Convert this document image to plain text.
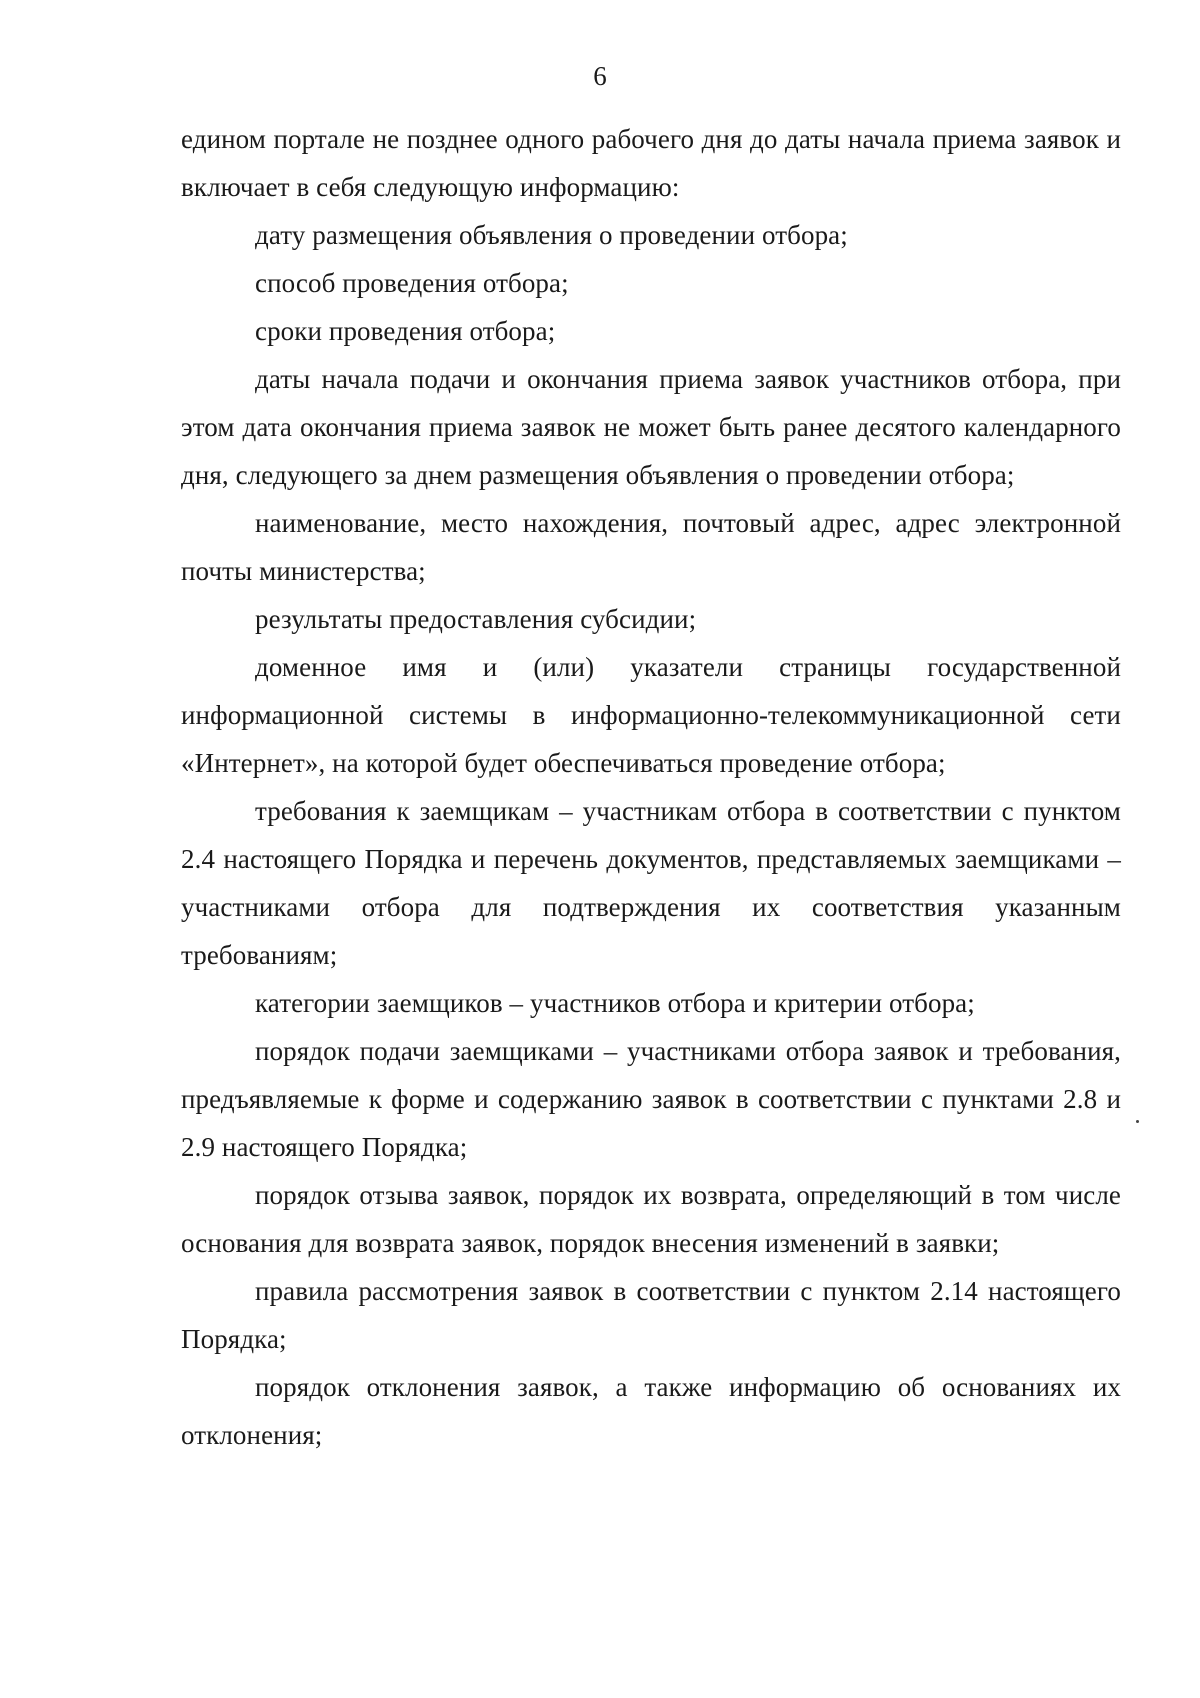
6

едином портале не позднее одного рабочего дня до даты начала приема заявок и включает в себя следующую информацию:

дату размещения объявления о проведении отбора;

способ проведения отбора;

сроки проведения отбора;

даты начала подачи и окончания приема заявок участников отбора, при этом дата окончания приема заявок не может быть ранее десятого календарного дня, следующего за днем размещения объявления о проведении отбора;

наименование, место нахождения, почтовый адрес, адрес электронной почты министерства;

результаты предоставления субсидии;

доменное имя и (или) указатели страницы государственной информационной системы в информационно-телекоммуникационной сети «Интернет», на которой будет обеспечиваться проведение отбора;

требования к заемщикам – участникам отбора в соответствии с пунктом 2.4 настоящего Порядка и перечень документов, представляемых заемщиками – участниками отбора для подтверждения их соответствия указанным требованиям;

категории заемщиков – участников отбора и критерии отбора;

порядок подачи заемщиками – участниками отбора заявок и требования, предъявляемые к форме и содержанию заявок в соответствии с пунктами 2.8 и 2.9 настоящего Порядка;

порядок отзыва заявок, порядок их возврата, определяющий в том числе основания для возврата заявок, порядок внесения изменений в заявки;

правила рассмотрения заявок в соответствии с пунктом 2.14 настоящего Порядка;

порядок отклонения заявок, а также информацию об основаниях их отклонения;
